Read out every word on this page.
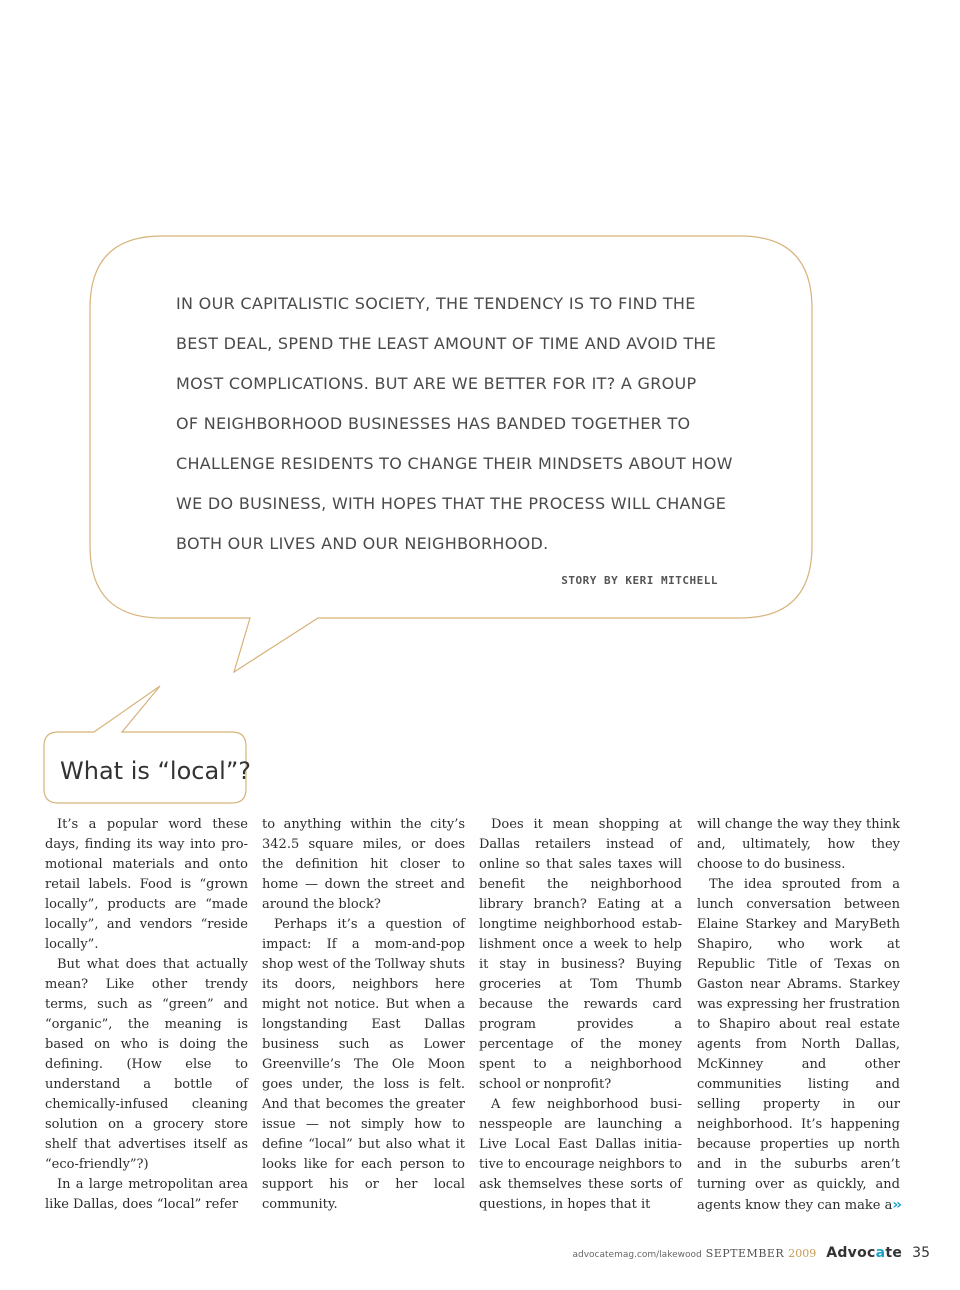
IN OUR CAPITALISTIC SOCIETY, THE TENDENCY IS TO FIND THE
BEST DEAL, SPEND THE LEAST AMOUNT OF TIME AND AVOID THE
MOST COMPLICATIONS. BUT ARE WE BETTER FOR IT? A GROUP
OF NEIGHBORHOOD BUSINESSES HAS BANDED TOGETHER TO
CHALLENGE RESIDENTS TO CHANGE THEIR MINDSETS ABOUT HOW
WE DO BUSINESS, WITH HOPES THAT THE PROCESS WILL CHANGE
BOTH OUR LIVES AND OUR NEIGHBORHOOD.
STORY BY KERI MITCHELL
What is “local”?

It’s a popular word these days, finding its way into promotional materials and onto retail labels. Food is “grown locally”, products are “made locally”, and vendors “reside locally”.

But what does that actually mean? Like other trendy terms, such as “green” and “organic”, the meaning is based on who is doing the defining. (How else to understand a bottle of chemically-infused cleaning solution on a grocery store shelf that advertises itself as “eco-friendly”?)

In a large metropolitan area like Dallas, does “local” refer

to anything within the city’s 342.5 square miles, or does the definition hit closer to home — down the street and around the block?

Perhaps it’s a question of impact: If a mom-and-pop shop west of the Tollway shuts its doors, neighbors here might not notice. But when a longstanding East Dallas business such as Lower Greenville’s The Ole Moon goes under, the loss is felt. And that becomes the greater issue — not simply how to define “local” but also what it looks like for each person to support his or her local community.

Does it mean shopping at Dallas retailers instead of online so that sales taxes will benefit the neighborhood library branch? Eating at a longtime neighborhood establishment once a week to help it stay in business? Buying groceries at Tom Thumb because the rewards card program provides a percentage of the money spent to a neighborhood school or nonprofit?

A few neighborhood businesspeople are launching a Live Local East Dallas initiative to encourage neighbors to ask themselves these sorts of questions, in hopes that it

will change the way they think and, ultimately, how they choose to do business.

The idea sprouted from a lunch conversation between Elaine Starkey and MaryBeth Shapiro, who work at Republic Title of Texas on Gaston near Abrams. Starkey was expressing her frustration to Shapiro about real estate agents from North Dallas, McKinney and other communities listing and selling property in our neighborhood. It’s happening because properties up north and in the suburbs aren’t turning over as quickly, and agents know they can make a››

advocatemag.com/lakewood SEPTEMBER 2009 Advocate 35
